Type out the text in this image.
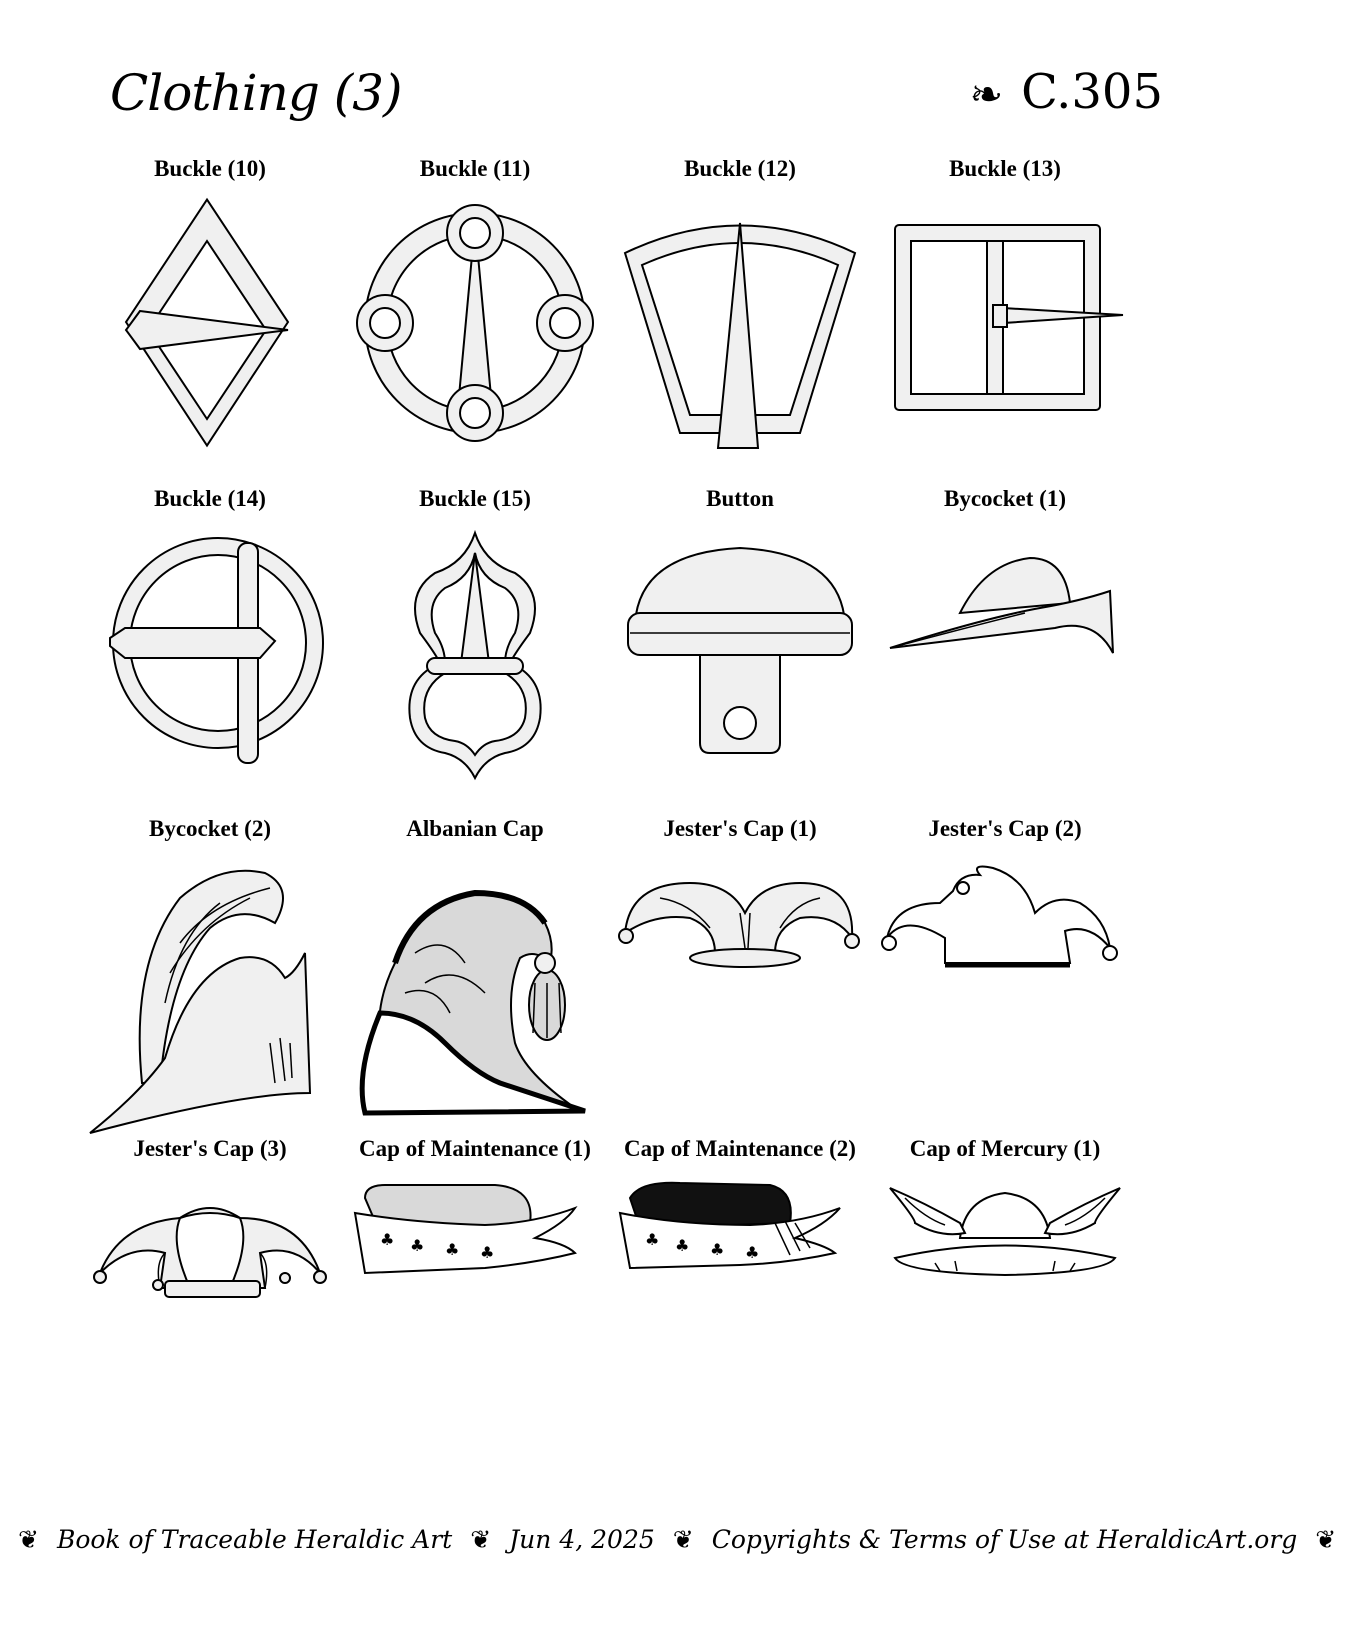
Clothing (3)	❧ C.305
Buckle (10)	Buckle (11)	Buckle (12)	Buckle (13)
Buckle (14)	Buckle (15)	Button	Bycocket (1)
Bycocket (2)	Albanian Cap	Jester's Cap (1)	Jester's Cap (2)
Jester's Cap (3)	Cap of Maintenance (1)
♣ ♣ ♣ ♣
Cap of Maintenance (2)
♣ ♣ ♣ ♣
Cap of Mercury (1)
❦ Book of Traceable Heraldic Art ❦ Jun 4, 2025 ❦ Copyrights & Terms of Use at HeraldicArt.org ❦
